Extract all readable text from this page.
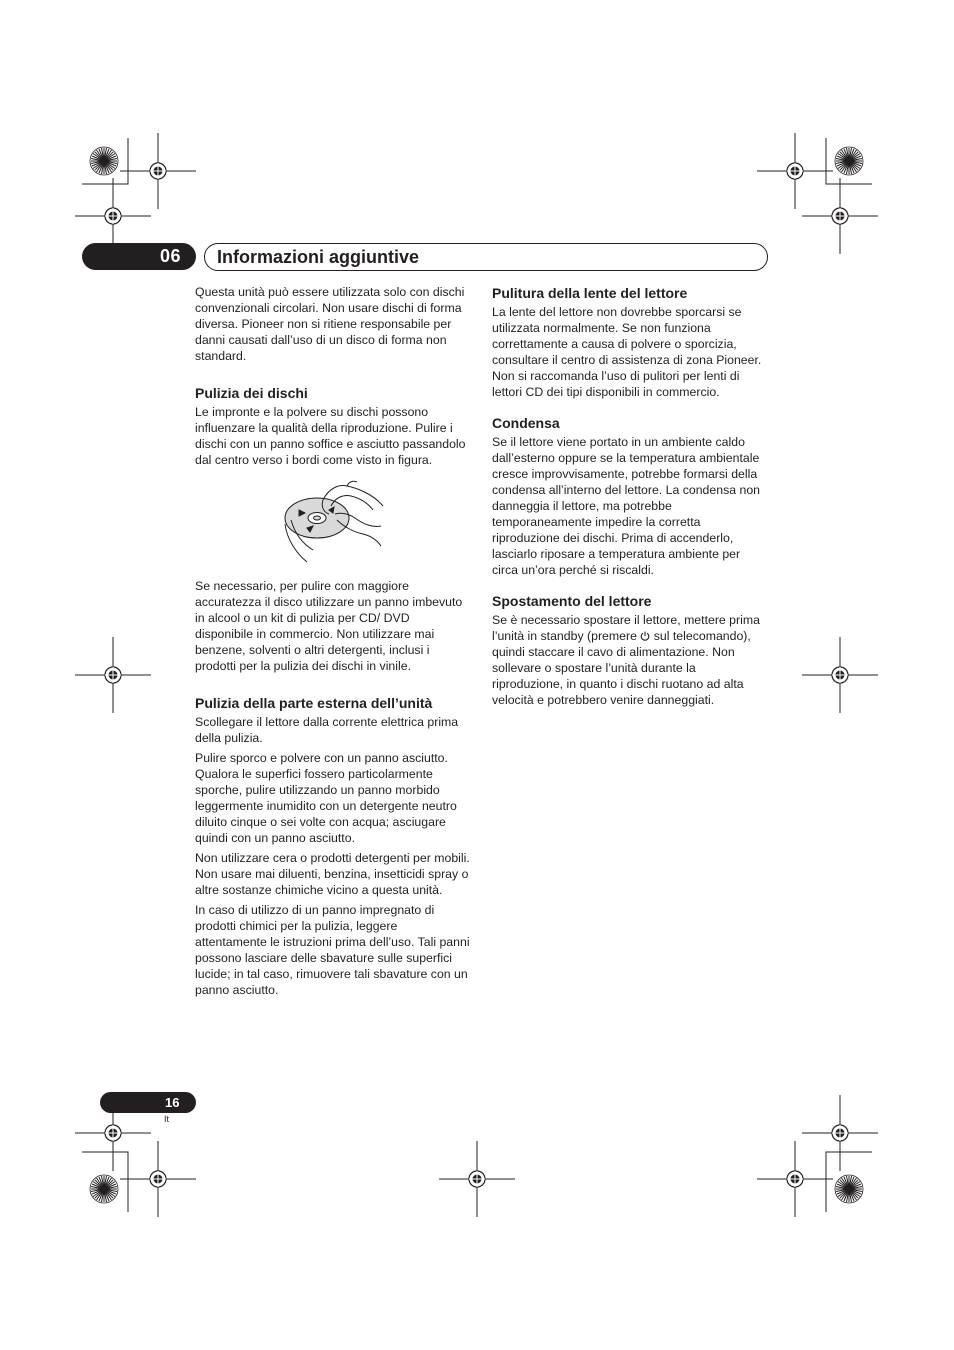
06 Informazioni aggiuntive

Questa unità può essere utilizzata solo con dischi convenzionali circolari. Non usare dischi di forma diversa. Pioneer non si ritiene responsabile per danni causati dall’uso di un disco di forma non standard.

Pulizia dei dischi

Le impronte e la polvere su dischi possono influenzare la qualità della riproduzione. Pulire i dischi con un panno soffice e asciutto passandolo dal centro verso i bordi come visto in figura.

Se necessario, per pulire con maggiore accuratezza il disco utilizzare un panno imbevuto in alcool o un kit di pulizia per CD/ DVD disponibile in commercio. Non utilizzare mai benzene, solventi o altri detergenti, inclusi i prodotti per la pulizia dei dischi in vinile.

Pulizia della parte esterna dell’unità

Scollegare il lettore dalla corrente elettrica prima della pulizia.

Pulire sporco e polvere con un panno asciutto. Qualora le superfici fossero particolarmente sporche, pulire utilizzando un panno morbido leggermente inumidito con un detergente neutro diluito cinque o sei volte con acqua; asciugare quindi con un panno asciutto.

Non utilizzare cera o prodotti detergenti per mobili. Non usare mai diluenti, benzina, insetticidi spray o altre sostanze chimiche vicino a questa unità.

In caso di utilizzo di un panno impregnato di prodotti chimici per la pulizia, leggere attentamente le istruzioni prima dell’uso. Tali panni possono lasciare delle sbavature sulle superfici lucide; in tal caso, rimuovere tali sbavature con un panno asciutto.

Pulitura della lente del lettore

La lente del lettore non dovrebbe sporcarsi se utilizzata normalmente. Se non funziona correttamente a causa di polvere o sporcizia, consultare il centro di assistenza di zona Pioneer. Non si raccomanda l’uso di pulitori per lenti di lettori CD dei tipi disponibili in commercio.

Condensa

Se il lettore viene portato in un ambiente caldo dall’esterno oppure se la temperatura ambientale cresce improvvisamente, potrebbe formarsi della condensa all’interno del lettore. La condensa non danneggia il lettore, ma potrebbe temporaneamente impedire la corretta riproduzione dei dischi. Prima di accenderlo, lasciarlo riposare a temperatura ambiente per circa un’ora perché si riscaldi.

Spostamento del lettore

Se è necessario spostare il lettore, mettere prima l’unità in standby (premere  sul telecomando), quindi staccare il cavo di alimentazione. Non sollevare o spostare l’unità durante la riproduzione, in quanto i dischi ruotano ad alta velocità e potrebbero venire danneggiati.

16
It
